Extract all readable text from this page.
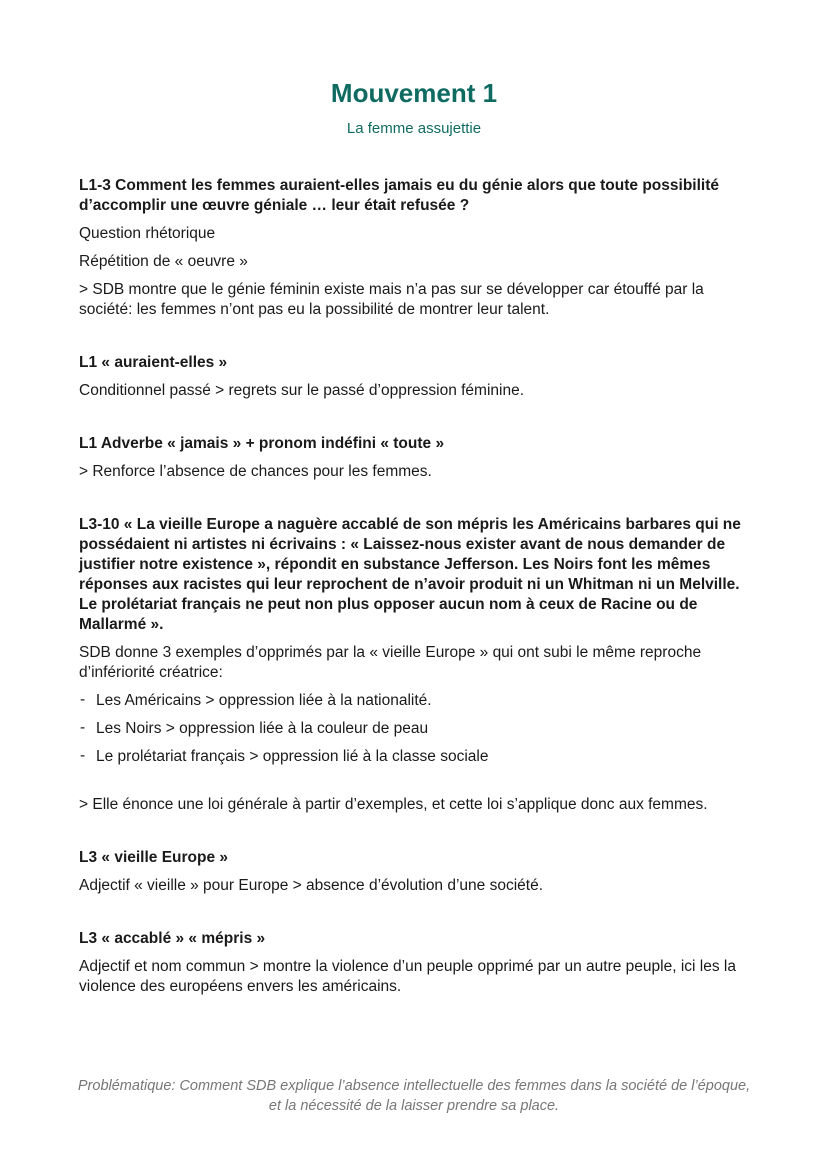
Mouvement 1
La femme assujettie

L1-3 Comment les femmes auraient-elles jamais eu du génie alors que toute possibilité d’accomplir une œuvre géniale … leur était refusée ?

Question rhétorique

Répétition de « oeuvre »

> SDB montre que le génie féminin existe mais n’a pas sur se développer car étouffé par la société: les femmes n’ont pas eu la possibilité de montrer leur talent.

L1 « auraient-elles »

Conditionnel passé > regrets sur le passé d’oppression féminine.

L1 Adverbe « jamais » + pronom indéfini « toute »

> Renforce l’absence de chances pour les femmes.

L3-10 « La vieille Europe a naguère accablé de son mépris les Américains barbares qui ne possédaient ni artistes ni écrivains : « Laissez-nous exister avant de nous demander de justifier notre existence », répondit en substance Jefferson. Les Noirs font les mêmes réponses aux racistes qui leur reprochent de n’avoir produit ni un Whitman ni un Melville. Le prolétariat français ne peut non plus opposer aucun nom à ceux de Racine ou de Mallarmé ».

SDB donne 3 exemples d’opprimés par la « vieille Europe » qui ont subi le même reproche d’infériorité créatrice:

- Les Américains > oppression liée à la nationalité.
- Les Noirs > oppression liée à la couleur de peau
- Le prolétariat français > oppression lié à la classe sociale

> Elle énonce une loi générale à partir d’exemples, et cette loi s’applique donc aux femmes.

L3 « vieille Europe »

Adjectif « vieille » pour Europe > absence d’évolution d’une société.

L3 « accablé » « mépris »

Adjectif et nom commun > montre la violence d’un peuple opprimé par un autre peuple, ici les la violence des européens envers les américains.

Problématique: Comment SDB explique l’absence intellectuelle des femmes dans la société de l’époque, et la nécessité de la laisser prendre sa place.
